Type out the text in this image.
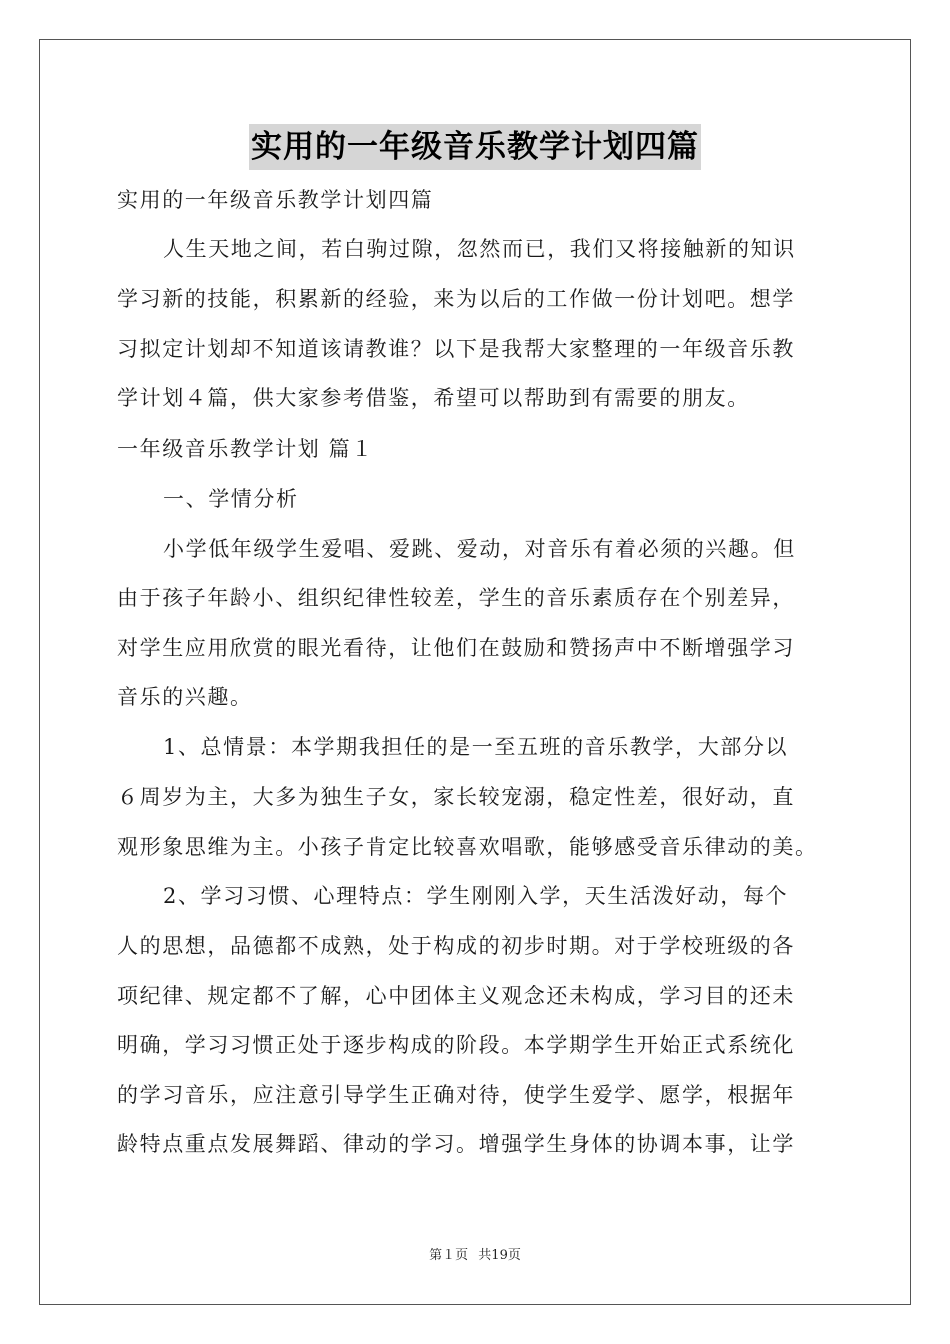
实用的一年级音乐教学计划四篇
实用的一年级音乐教学计划四篇
人生天地之间，若白驹过隙，忽然而已，我们又将接触新的知识
学习新的技能，积累新的经验，来为以后的工作做一份计划吧。想学
习拟定计划却不知道该请教谁？以下是我帮大家整理的一年级音乐教
学计划４篇，供大家参考借鉴，希望可以帮助到有需要的朋友。
一年级音乐教学计划 篇１
一、学情分析
小学低年级学生爱唱、爱跳、爱动，对音乐有着必须的兴趣。但
由于孩子年龄小、组织纪律性较差，学生的音乐素质存在个别差异，
对学生应用欣赏的眼光看待，让他们在鼓励和赞扬声中不断增强学习
音乐的兴趣。
1、总情景：本学期我担任的是一至五班的音乐教学，大部分以
６周岁为主，大多为独生子女，家长较宠溺，稳定性差，很好动，直
观形象思维为主。小孩子肯定比较喜欢唱歌，能够感受音乐律动的美。
2、学习习惯、心理特点：学生刚刚入学，天生活泼好动，每个
人的思想，品德都不成熟，处于构成的初步时期。对于学校班级的各
项纪律、规定都不了解，心中团体主义观念还未构成，学习目的还未
明确，学习习惯正处于逐步构成的阶段。本学期学生开始正式系统化
的学习音乐，应注意引导学生正确对待，使学生爱学、愿学，根据年
龄特点重点发展舞蹈、律动的学习。增强学生身体的协调本事，让学
第１页 共19页
